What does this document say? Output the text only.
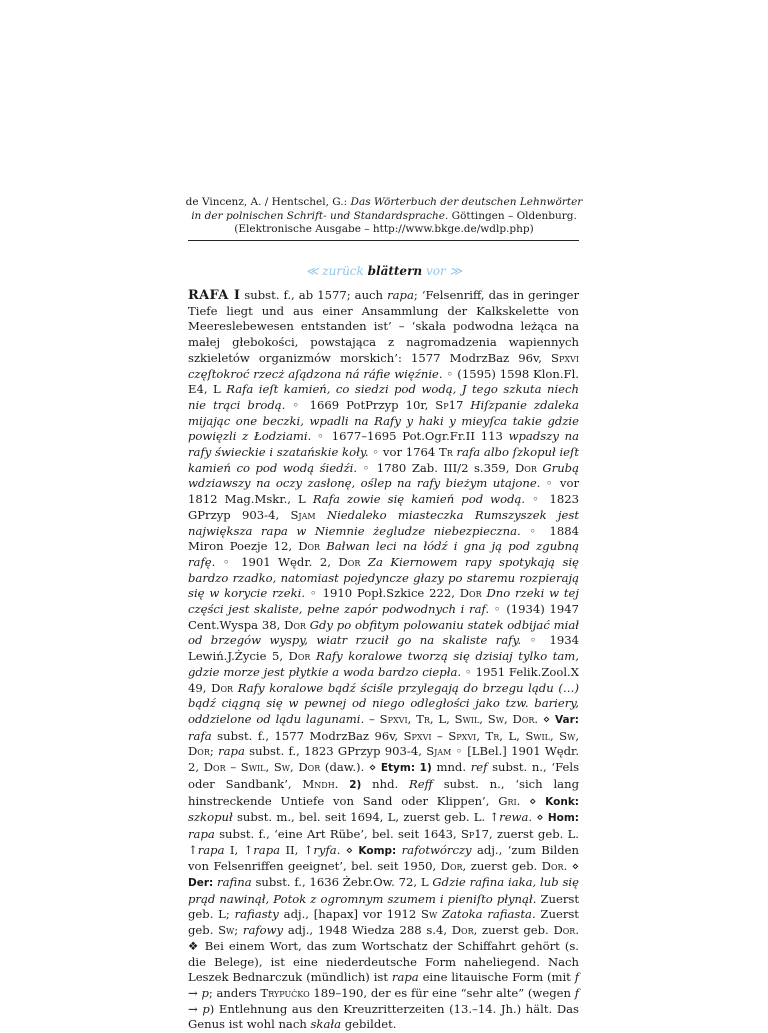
de Vincenz, A. / Hentschel, G.: Das Wörterbuch der deutschen Lehnwörter
in der polnischen Schrift- und Standardsprache. Göttingen – Oldenburg.
(Elektronische Ausgabe – http://www.bkge.de/wdlp.php)
≪ zurück blättern vor ≫
RAFA I subst. f., ab 1577; auch rapa; ‘Felsenriff, das in geringer Tiefe liegt und aus einer Ansammlung der Kalkskelette von Meereslebewesen entstanden ist’ – ‘skała podwodna leżąca na małej głebokości, powstająca z nagromadzenia wapiennych szkieletów organizmów morskich’: 1577 ModrzBaz 96v, Spxvi częſtokroć rzecż aſądzona ná ráfie więźnie. ◦ (1595) 1598 Klon.Fl. E4, L Rafa ieſt kamień, co siedzi pod wodą, J tego szkuta niech nie trąci brodą. ◦ 1669 PotPrzyp 10r, Sp17 Hiſzpanie zdaleka mijając one beczki, wpadli na Rafy y haki y mieyſca takie gdzie powięzli z Łodziami. ◦ 1677–1695 Pot.Ogr.Fr.II 113 wpadszy na rafy świeckie i szatańskie koły. ◦ vor 1764 Tr rafa albo ſzkopuł ieſt kamień co pod wodą śiedźi. ◦ 1780 Zab. III/2 s.359, Dor Grubą wdziawszy na oczy zasłonę, oślep na rafy bieżym utajone. ◦ vor 1812 Mag.Mskr., L Rafa zowie się kamień pod wodą. ◦ 1823 GPrzyp 903-4, Sjam Niedaleko miasteczka Rumszyszek jest największa rapa w Niemnie żegludze niebezpieczna. ◦ 1884 Miron Poezje 12, Dor Bałwan leci na łódź i gna ją pod zgubną rafę. ◦ 1901 Wędr. 2, Dor Za Kiernowem rapy spotykają się bardzo rzadko, natomiast pojedyncze głazy po staremu rozpierają się w korycie rzeki. ◦ 1910 Popł.Szkice 222, Dor Dno rzeki w tej części jest skaliste, pełne zapór podwodnych i raf. ◦ (1934) 1947 Cent.Wyspa 38, Dor Gdy po obfitym polowaniu statek odbijać miał od brzegów wyspy, wiatr rzucił go na skaliste rafy. ◦ 1934 Lewiń.J.Życie 5, Dor Rafy koralowe tworzą się dzisiaj tylko tam, gdzie morze jest płytkie a woda bardzo ciepła. ◦ 1951 Felik.Zool.X 49, Dor Rafy koralowe bądź ściśle przylegają do brzegu lądu (…) bądź ciągną się w pewnej od niego odległości jako tzw. bariery, oddzielone od lądu lagunami. – Spxvi, Tr, L, Swil, Sw, Dor. ⋄ Var: rafa subst. f., 1577 ModrzBaz 96v, Spxvi – Spxvi, Tr, L, Swil, Sw, Dor; rapa subst. f., 1823 GPrzyp 903-4, Sjam ◦ [LBel.] 1901 Wędr. 2, Dor – Swil, Sw, Dor (daw.). ⋄ Etym: 1) mnd. ref subst. n., ‘Fels oder Sandbank’, Mndh. 2) nhd. Reff subst. n., ‘sich lang hinstreckende Untiefe von Sand oder Klippen’, Gri. ⋄ Konk: szkopuł subst. m., bel. seit 1694, L, zuerst geb. L. ↑rewa. ⋄ Hom: rapa subst. f., ‘eine Art Rübe’, bel. seit 1643, Sp17, zuerst geb. L. ↑rapa I, ↑rapa II, ↑ryfa. ⋄ Komp: rafotwórczy adj., ‘zum Bilden von Felsenriffen geeignet’, bel. seit 1950, Dor, zuerst geb. Dor. ⋄ Der: rafina subst. f., 1636 Żebr.Ow. 72, L Gdzie rafina iaka, lub się prąd nawinął, Potok z ogromnym szumem i pieniſto płynął. Zuerst geb. L; rafiasty adj., [hapax] vor 1912 Sw Zatoka rafiasta. Zuerst geb. Sw; rafowy adj., 1948 Wiedza 288 s.4, Dor, zuerst geb. Dor. ❖ Bei einem Wort, das zum Wortschatz der Schiffahrt gehört (s. die Belege), ist eine niederdeutsche Form naheliegend. Nach Leszek Bednarczuk (mündlich) ist rapa eine litauische Form (mit f → p; anders Trypućko 189–190, der es für eine “sehr alte” (wegen f → p) Entlehnung aus den Kreuzritterzeiten (13.–14. Jh.) hält. Das Genus ist wohl nach skała gebildet.
